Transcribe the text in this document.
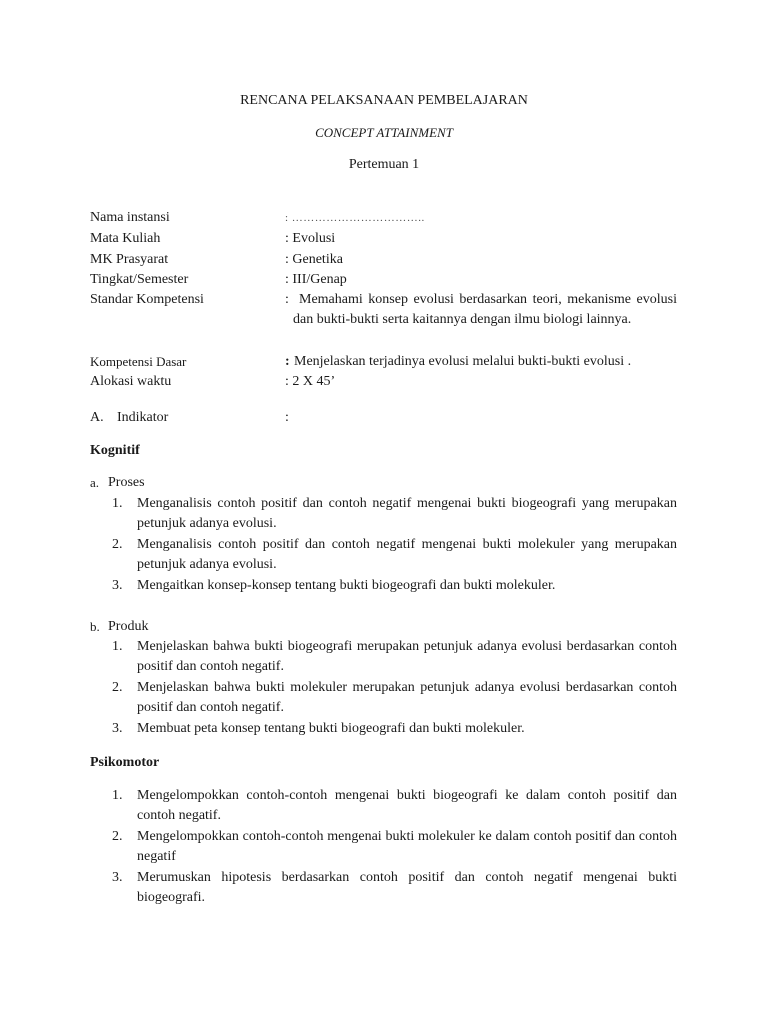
RENCANA PELAKSANAAN PEMBELAJARAN
CONCEPT ATTAINMENT
Pertemuan 1
Nama instansi	: ……………………………..
Mata Kuliah	: Evolusi
MK Prasyarat	: Genetika
Tingkat/Semester	: III/Genap
Standar Kompetensi	: Memahami konsep evolusi berdasarkan teori, mekanisme evolusi dan bukti-bukti serta kaitannya dengan ilmu biologi lainnya.
Kompetensi Dasar	: Menjelaskan terjadinya evolusi melalui bukti-bukti evolusi .
Alokasi waktu	: 2 X 45’
A. Indikator	:
Kognitif
a. Proses
1. Menganalisis contoh positif dan contoh negatif mengenai bukti biogeografi yang merupakan petunjuk adanya evolusi.
2. Menganalisis contoh positif dan contoh negatif mengenai bukti molekuler yang merupakan petunjuk adanya evolusi.
3. Mengaitkan konsep-konsep tentang bukti biogeografi dan bukti molekuler.
b. Produk
1. Menjelaskan bahwa bukti biogeografi merupakan petunjuk adanya evolusi berdasarkan contoh positif dan contoh negatif.
2. Menjelaskan bahwa bukti molekuler merupakan petunjuk adanya evolusi berdasarkan contoh positif dan contoh negatif.
3. Membuat peta konsep tentang bukti biogeografi dan bukti molekuler.
Psikomotor
1. Mengelompokkan contoh-contoh mengenai bukti biogeografi ke dalam contoh positif dan contoh negatif.
2. Mengelompokkan contoh-contoh mengenai bukti molekuler ke dalam contoh positif dan contoh negatif
3. Merumuskan hipotesis berdasarkan contoh positif dan contoh negatif mengenai bukti biogeografi.
